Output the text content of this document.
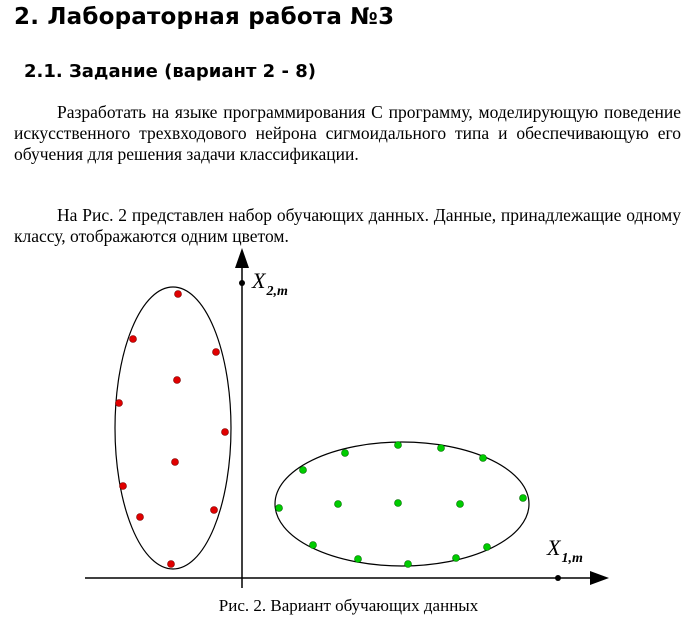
2. Лабораторная работа №3
2.1. Задание (вариант 2 - 8)

Разработать на языке программирования С программу, моделирующую поведение искусственного трехвходового нейрона сигмоидального типа и обеспечивающую его обучения для решения задачи классификации.

На Рис. 2 представлен набор обучающих данных. Данные, принадлежащие одному классу, отображаются одним цветом.

$X_{2,m}$
$X_{1,m}$
Рис. 2. Вариант обучающих данных
